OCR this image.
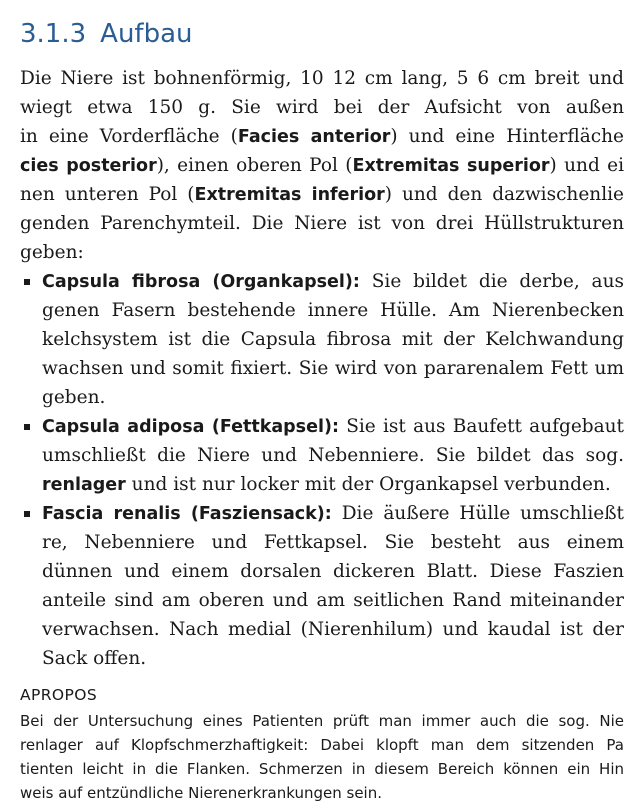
3.1.3 Aufbau
Die Niere ist bohnenförmig, 10 12 cm lang, 5 6 cm breit und
wiegt etwa 150 g. Sie wird bei der Aufsicht von außen
in eine Vorderfläche (Facies anterior) und eine Hinterfläche
cies posterior), einen oberen Pol (Extremitas superior) und ei
nen unteren Pol (Extremitas inferior) und den dazwischenlie
genden Parenchymteil. Die Niere ist von drei Hüllstrukturen
geben:
Capsula fibrosa (Organkapsel): Sie bildet die derbe, aus
genen Fasern bestehende innere Hülle. Am Nierenbecken
kelchsystem ist die Capsula fibrosa mit der Kelchwandung
wachsen und somit fixiert. Sie wird von pararenalem Fett um
geben.
Capsula adiposa (Fettkapsel): Sie ist aus Baufett aufgebaut
umschließt die Niere und Nebenniere. Sie bildet das sog.
renlager und ist nur locker mit der Organkapsel verbunden.
Fascia renalis (Fasziensack): Die äußere Hülle umschließt
re, Nebenniere und Fettkapsel. Sie besteht aus einem
dünnen und einem dorsalen dickeren Blatt. Diese Faszien
anteile sind am oberen und am seitlichen Rand miteinander
verwachsen. Nach medial (Nierenhilum) und kaudal ist der
Sack offen.
APROPOS
Bei der Untersuchung eines Patienten prüft man immer auch die sog. Nie
renlager auf Klopfschmerzhaftigkeit: Dabei klopft man dem sitzenden Pa
tienten leicht in die Flanken. Schmerzen in diesem Bereich können ein Hin
weis auf entzündliche Nierenerkrankungen sein.
